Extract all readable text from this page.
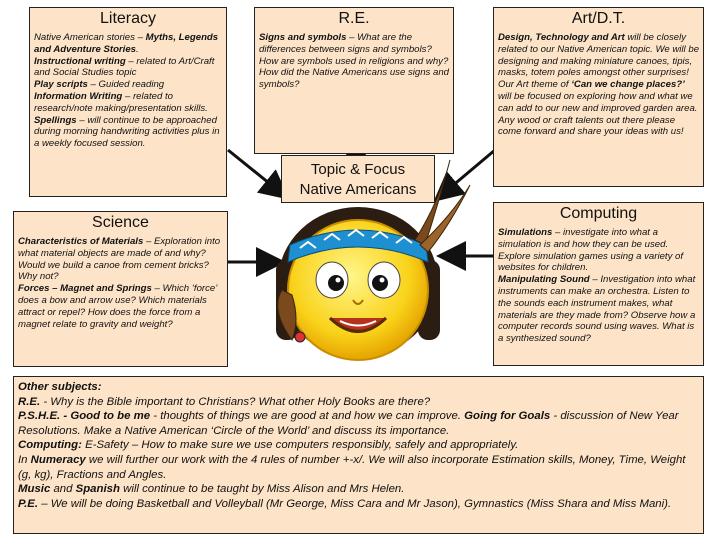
Literacy
Native American stories – Myths, Legends and Adventure Stories.
Instructional writing – related to Art/Craft and Social Studies topic
Play scripts – Guided reading
Information Writing – related to research/note making/presentation skills.
Spellings – will continue to be approached during morning handwriting activities plus in a weekly focused session.
R.E.
Signs and symbols – What are the differences between signs and symbols? How are symbols used in religions and why? How did the Native Americans use signs and symbols?
Art/D.T.
Design, Technology and Art will be closely related to our Native American topic. We will be designing and making miniature canoes, tipis, masks, totem poles amongst other surprises!
Our Art theme of ‘Can we change places?’ will be focused on exploring how and what we can add to our new and improved garden area. Any wood or craft talents out there please come forward and share your ideas with us!
Topic & Focus
Native Americans
Science
Characteristics of Materials – Exploration into what material objects are made of and why? Would we build a canoe from cement bricks? Why not?
Forces – Magnet and Springs – Which ‘force’ does a bow and arrow use? Which materials attract or repel? How does the force from a magnet relate to gravity and weight?
Computing
Simulations – investigate into what a simulation is and how they can be used. Explore simulation games using a variety of websites for children.
Manipulating Sound – Investigation into what instruments can make an orchestra. Listen to the sounds each instrument makes, what materials are they made from? Observe how a computer records sound using waves. What is a synthesized sound?
Other subjects:
R.E. - Why is the Bible important to Christians? What other Holy Books are there?
P.S.H.E. - Good to be me - thoughts of things we are good at and how we can improve. Going for Goals - discussion of New Year Resolutions. Make a Native American ‘Circle of the World’ and discuss its importance.
Computing: E-Safety – How to make sure we use computers responsibly, safely and appropriately.
In Numeracy we will further our work with the 4 rules of number +-x/. We will also incorporate Estimation skills, Money, Time, Weight (g, kg), Fractions and Angles.
Music and Spanish will continue to be taught by Miss Alison and Mrs Helen.
P.E. – We will be doing Basketball and Volleyball (Mr George, Miss Cara and Mr Jason), Gymnastics (Miss Shara and Miss Mani).
